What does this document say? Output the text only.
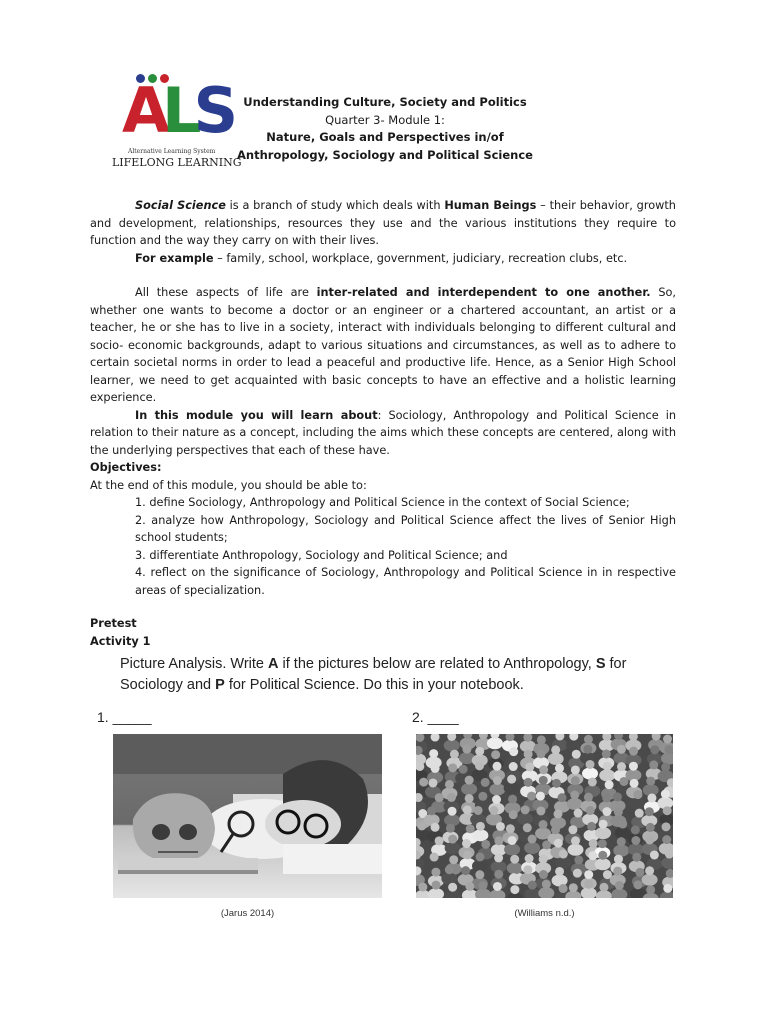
ALS
Alternative Learning System
LIFELONG LEARNING
Understanding Culture, Society and Politics
Quarter 3- Module 1:
Nature, Goals and Perspectives in/of
Anthropology, Sociology and Political Science

Social Science is a branch of study which deals with Human Beings – their behavior, growth and development, relationships, resources they use and the various institutions they require to function and the way they carry on with their lives.

For example – family, school, workplace, government, judiciary, recreation clubs, etc.

All these aspects of life are inter-related and interdependent to one another. So, whether one wants to become a doctor or an engineer or a chartered accountant, an artist or a teacher, he or she has to live in a society, interact with individuals belonging to different cultural and socio- economic backgrounds, adapt to various situations and circumstances, as well as to adhere to certain societal norms in order to lead a peaceful and productive life. Hence, as a Senior High School learner, we need to get acquainted with basic concepts to have an effective and a holistic learning experience.

In this module you will learn about: Sociology, Anthropology and Political Science in relation to their nature as a concept, including the aims which these concepts are centered, along with the underlying perspectives that each of these have.

Objectives:

At the end of this module, you should be able to:

1. define Sociology, Anthropology and Political Science in the context of Social Science;

2. analyze how Anthropology, Sociology and Political Science affect the lives of Senior High school students;

3. differentiate Anthropology, Sociology and Political Science; and

4. reflect on the significance of Sociology, Anthropology and Political Science in in respective areas of specialization.

Pretest

Activity 1

Picture Analysis. Write A if the pictures below are related to Anthropology, S for Sociology and P for Political Science. Do this in your notebook.
1. _____	2. ____
(Jarus 2014)	(Williams n.d.)
